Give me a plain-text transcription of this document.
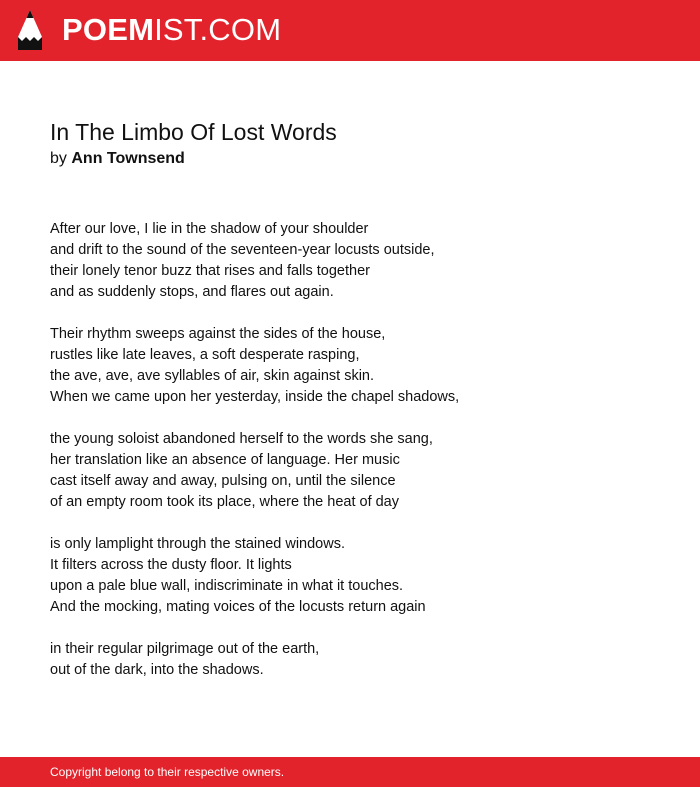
POEMIST.COM
In The Limbo Of Lost Words
by Ann Townsend
After our love, I lie in the shadow of your shoulder
and drift to the sound of the seventeen-year locusts outside,
their lonely tenor buzz that rises and falls together
and as suddenly stops, and flares out again.
Their rhythm sweeps against the sides of the house,
rustles like late leaves, a soft desperate rasping,
the ave, ave, ave syllables of air, skin against skin.
When we came upon her yesterday, inside the chapel shadows,
the young soloist abandoned herself to the words she sang,
her translation like an absence of language. Her music
cast itself away and away, pulsing on, until the silence
of an empty room took its place, where the heat of day
is only lamplight through the stained windows.
It filters across the dusty floor. It lights
upon a pale blue wall, indiscriminate in what it touches.
And the mocking, mating voices of the locusts return again
in their regular pilgrimage out of the earth,
out of the dark, into the shadows.
Copyright belong to their respective owners.
